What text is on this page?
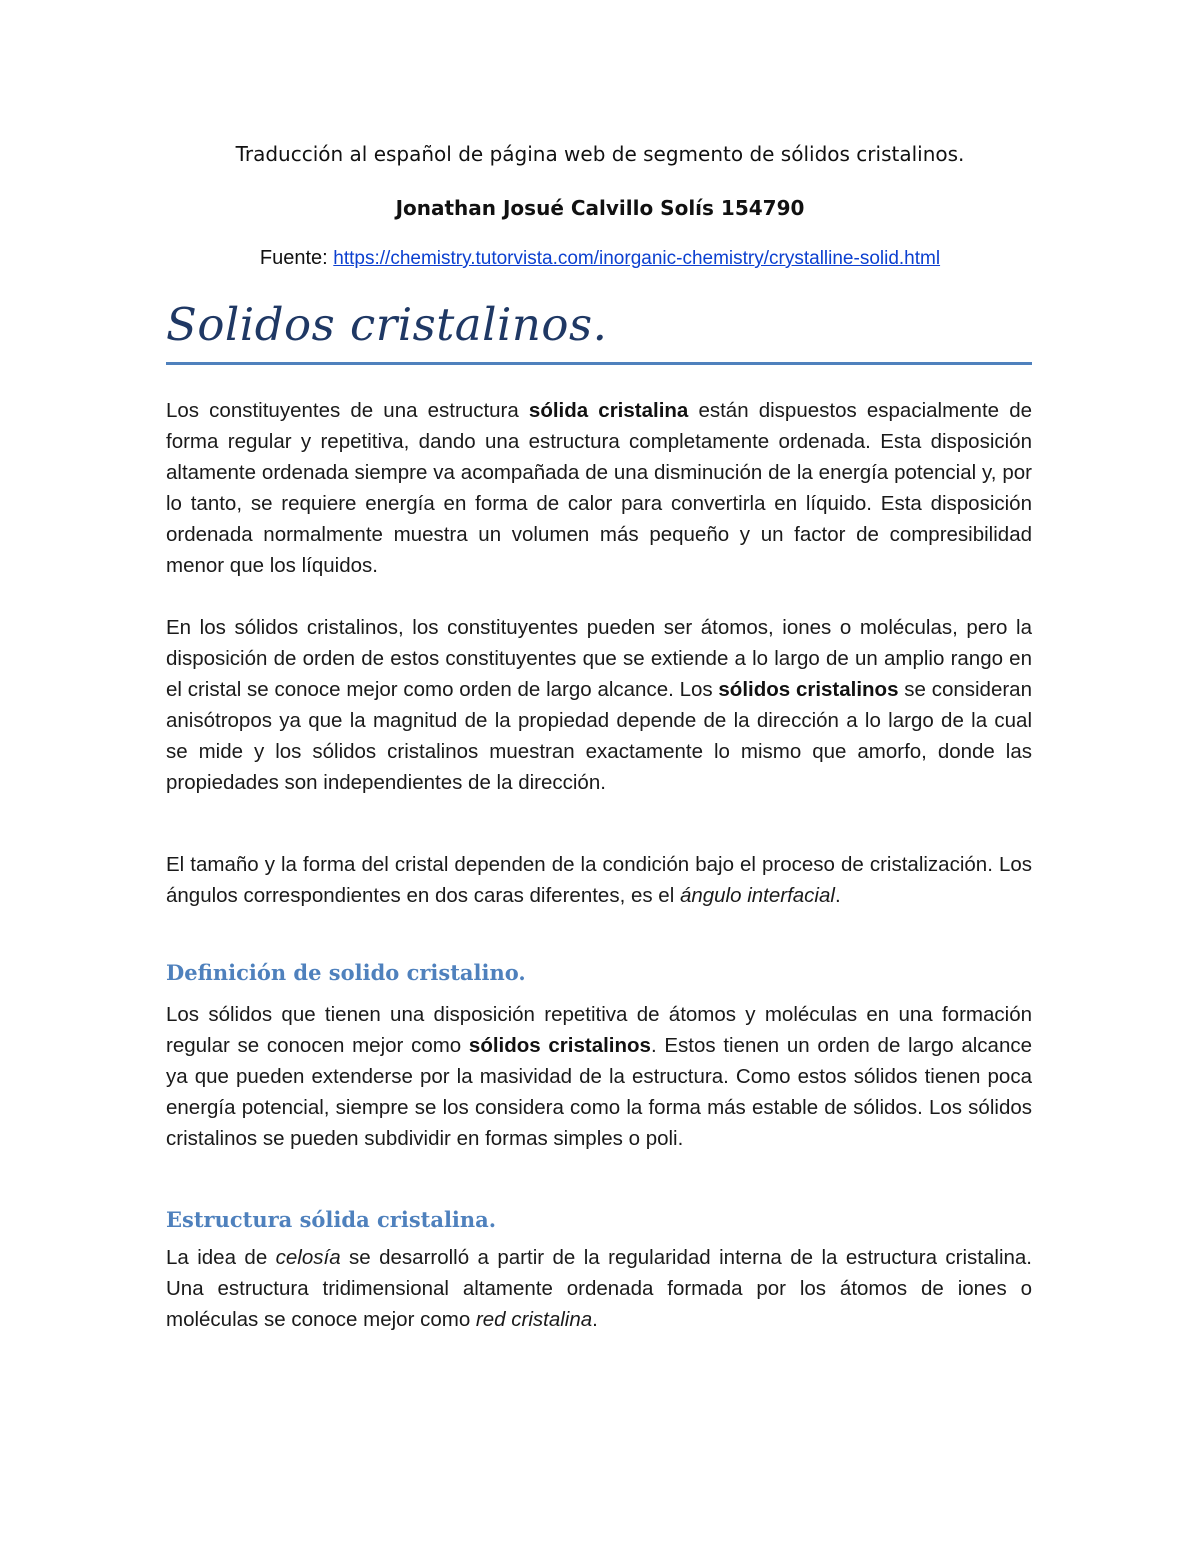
Traducción al español de página web de segmento de sólidos cristalinos.
Jonathan Josué Calvillo Solís 154790
Fuente: https://chemistry.tutorvista.com/inorganic-chemistry/crystalline-solid.html
Solidos cristalinos.

Los constituyentes de una estructura sólida cristalina están dispuestos espacialmente de forma regular y repetitiva, dando una estructura completamente ordenada. Esta disposición altamente ordenada siempre va acompañada de una disminución de la energía potencial y, por lo tanto, se requiere energía en forma de calor para convertirla en líquido. Esta disposición ordenada normalmente muestra un volumen más pequeño y un factor de compresibilidad menor que los líquidos.

En los sólidos cristalinos, los constituyentes pueden ser átomos, iones o moléculas, pero la disposición de orden de estos constituyentes que se extiende a lo largo de un amplio rango en el cristal se conoce mejor como orden de largo alcance. Los sólidos cristalinos se consideran anisótropos ya que la magnitud de la propiedad depende de la dirección a lo largo de la cual se mide y los sólidos cristalinos muestran exactamente lo mismo que amorfo, donde las propiedades son independientes de la dirección.

El tamaño y la forma del cristal dependen de la condición bajo el proceso de cristalización. Los ángulos correspondientes en dos caras diferentes, es el ángulo interfacial.

Definición de solido cristalino.

Los sólidos que tienen una disposición repetitiva de átomos y moléculas en una formación regular se conocen mejor como sólidos cristalinos. Estos tienen un orden de largo alcance ya que pueden extenderse por la masividad de la estructura. Como estos sólidos tienen poca energía potencial, siempre se los considera como la forma más estable de sólidos. Los sólidos cristalinos se pueden subdividir en formas simples o poli.

Estructura sólida cristalina.

La idea de celosía se desarrolló a partir de la regularidad interna de la estructura cristalina. Una estructura tridimensional altamente ordenada formada por los átomos de iones o moléculas se conoce mejor como red cristalina.
